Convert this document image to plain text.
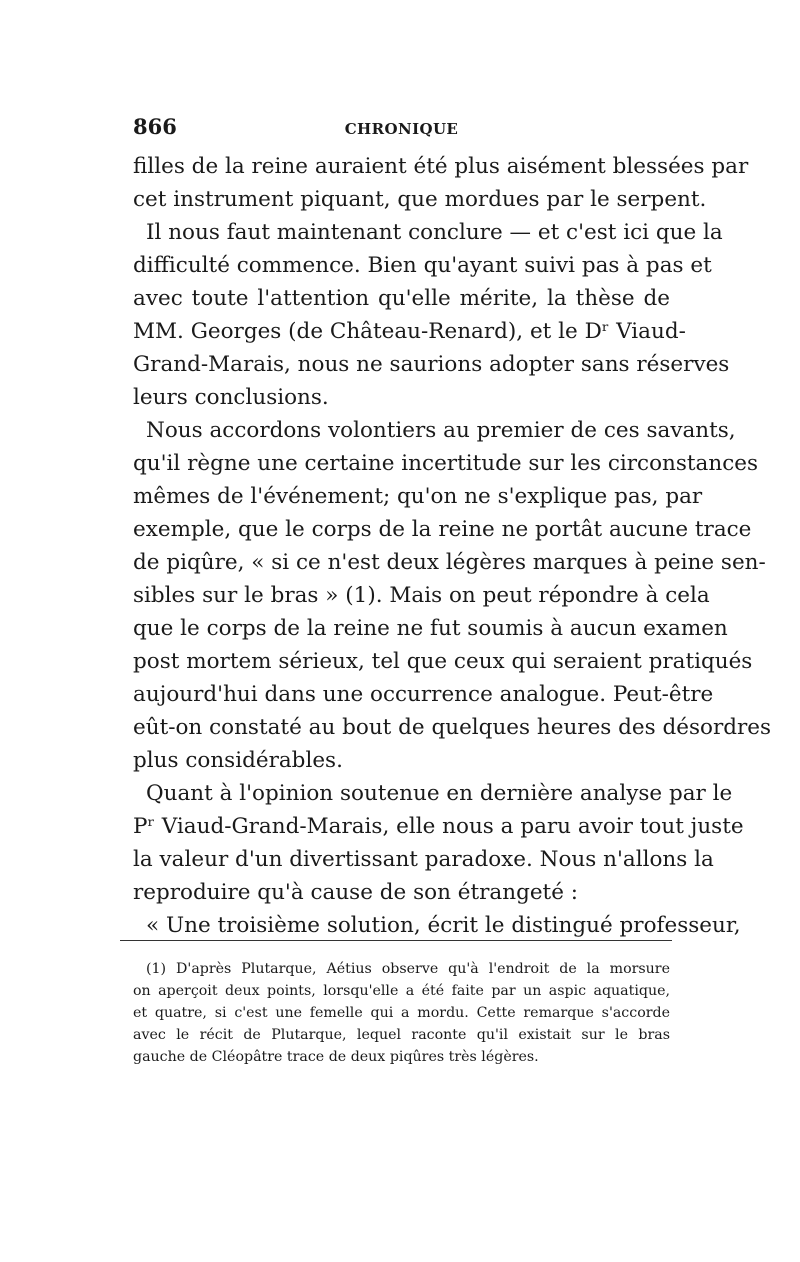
866	CHRONIQUE
filles de la reine auraient été plus aisément blessées par
cet instrument piquant, que mordues par le serpent.
Il nous faut maintenant conclure — et c'est ici que la
difficulté commence. Bien qu'ayant suivi pas à pas et
avec toute l'attention qu'elle mérite, la thèse de
MM. Georges (de Château-Renard), et le Dʳ Viaud-
Grand-Marais, nous ne saurions adopter sans réserves
leurs conclusions.
Nous accordons volontiers au premier de ces savants,
qu'il règne une certaine incertitude sur les circonstances
mêmes de l'événement; qu'on ne s'explique pas, par
exemple, que le corps de la reine ne portât aucune trace
de piqûre, « si ce n'est deux légères marques à peine sen-
sibles sur le bras » (1). Mais on peut répondre à cela
que le corps de la reine ne fut soumis à aucun examen
post mortem sérieux, tel que ceux qui seraient pratiqués
aujourd'hui dans une occurrence analogue. Peut-être
eût-on constaté au bout de quelques heures des désordres
plus considérables.
Quant à l'opinion soutenue en dernière analyse par le
Pʳ Viaud-Grand-Marais, elle nous a paru avoir tout juste
la valeur d'un divertissant paradoxe. Nous n'allons la
reproduire qu'à cause de son étrangeté :
« Une troisième solution, écrit le distingué professeur,
(1) D'après Plutarque, Aétius observe qu'à l'endroit de la morsure
on aperçoit deux points, lorsqu'elle a été faite par un aspic aquatique,
et quatre, si c'est une femelle qui a mordu. Cette remarque s'accorde
avec le récit de Plutarque, lequel raconte qu'il existait sur le bras
gauche de Cléopâtre trace de deux piqûres très légères.
